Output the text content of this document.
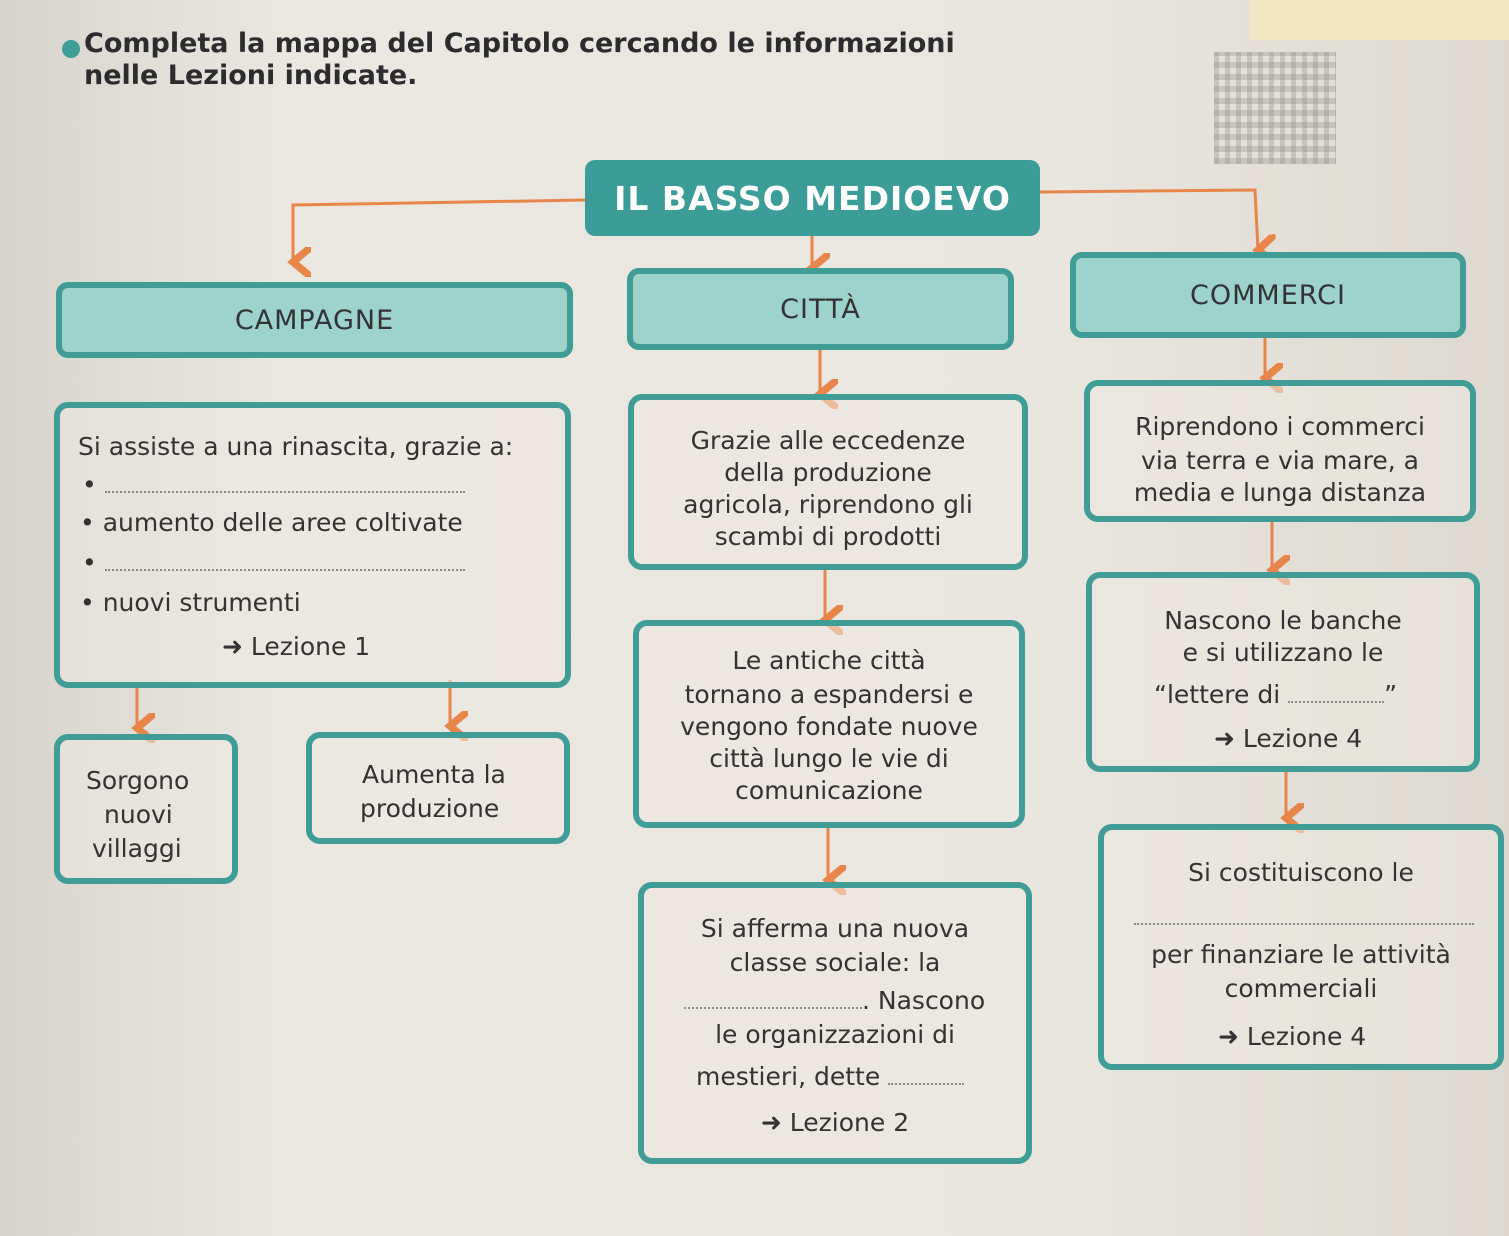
Completa la mappa del Capitolo cercando le informazioni
nelle Lezioni indicate.
IL BASSO MEDIOEVO
CAMPAGNE	CITTÀ	COMMERCI
Si assiste a una rinascita, grazie a:
•
• aumento delle aree coltivate
•
• nuovi strumenti
➜ Lezione 1
Sorgono
nuovi
villaggi
Aumenta la
produzione
Grazie alle eccedenze
della produzione
agricola, riprendono gli
scambi di prodotti
Le antiche città
tornano a espandersi e
vengono fondate nuove
città lungo le vie di
comunicazione
Si afferma una nuova
classe sociale: la
. Nascono
le organizzazioni di
mestieri, dette
➜ Lezione 2
Riprendono i commerci
via terra e via mare, a
media e lunga distanza
Nascono le banche
e si utilizzano le
“lettere di	”
➜ Lezione 4
Si costituiscono le
per finanziare le attività
commerciali
➜ Lezione 4
